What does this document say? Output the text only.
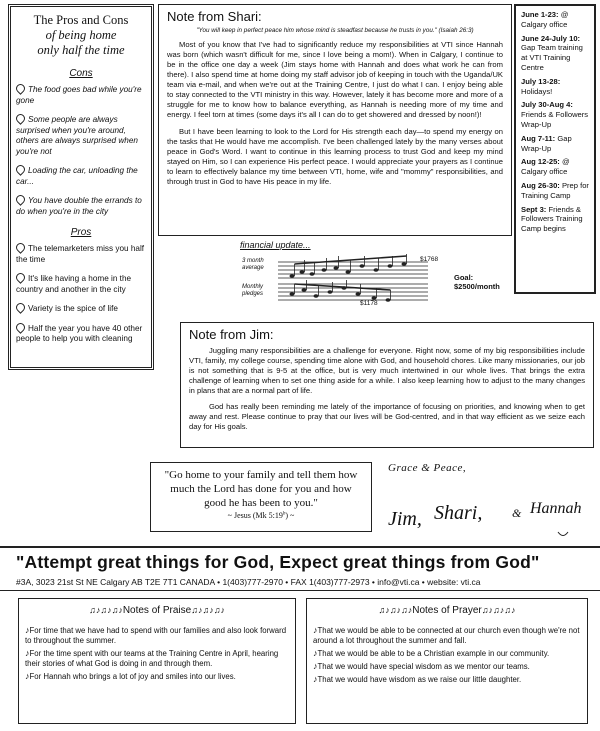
The Pros and Cons
of being home
only half the time
Cons
The food goes bad while you're gone
Some people are always surprised when you're around, others are always surprised when you're not
Loading the car, unloading the car...
You have double the errands to do when you're in the city
Pros
The telemarketers miss you half the time
It's like having a home in the country and another in the city
Variety is the spice of life
Half the year you have 40 other people to help you with cleaning
Note from Shari:
"You will keep in perfect peace him whose mind is steadfast because he trusts in you." (Isaiah 26:3)

Most of you know that I've had to significantly reduce my responsibilities at VTI since Hannah was born (which wasn't difficult for me, since I love being a mom!). When in Calgary, I continue to be in the office one day a week (Jim stays home with Hannah and does what work he can from there). I also spend time at home doing my staff advisor job of keeping in touch with the Uganda/UK team via e-mail, and when we're out at the Training Centre, I just do what I can. I enjoy being able to stay connected to the VTI ministry in this way. However, lately it has become more and more of a struggle for me to know how to balance everything, as Hannah is needing more of my time and energy. I feel torn at times (some days it's all I can do to get showered and dressed by noon!)!

But I have been learning to look to the Lord for His strength each day—to spend my energy on the tasks that He would have me accomplish. I've been challenged lately by the many verses about peace in God's Word. I want to continue in this learning process to trust God and keep my mind stayed on Him, so I can experience His perfect peace. I would appreciate your prayers as I continue to learn to effectively balance my time between VTI, home, wife and "mommy" responsibilities, and through trust in God to have His peace in my life.

June 1-23: @ Calgary office
June 24-July 10: Gap Team training at VTI Training Centre
July 13-28: Holidays!
July 30-Aug 4: Friends & Followers Wrap-Up
Aug 7-11: Gap Wrap-Up
Aug 12-25: @ Calgary office
Aug 26-30: Prep for Training Camp
Sept 3: Friends & Followers Training Camp begins
financial update...
3 month average
Monthly pledges
$1768
$1178
Goal:
$2500/month
Note from Jim:

Juggling many responsibilities are a challenge for everyone. Right now, some of my big responsibilities include VTI, family, my college course, spending time alone with God, and household chores. Like many missionaries, our job is not something that is 9-5 at the office, but is very much intertwined in our whole lives. That brings the extra challenge of learning when to set one thing aside for a while. I also keep learning how to adjust to the many changes in plans that are a normal part of life.

God has really been reminding me lately of the importance of focusing on priorities, and knowing when to get away and rest. Please continue to pray that our lives will be God-centred, and in that way efficient as we seize each day for His goals.

"Go home to your family and tell them how much the Lord has done for you and how good he has been to you."
~ Jesus (Mk 5:19$^b$) ~
Grace & Peace,
Jim, Shari, & Hannah
"Attempt great things for God, Expect great things from God"
#3A, 3023 21st St NE Calgary AB T2E 7T1 CANADA • 1(403)777-2970 • FAX 1(403)777-2973 • info@vti.ca • website: vti.ca
♫♪♫♪♫♪Notes of Praise♫♪♫♪♫♪
♪For time that we have had to spend with our families and also look forward to throughout the summer.
♪For the time spent with our teams at the Training Centre in April, hearing their stories of what God is doing in and through them.
♪For Hannah who brings a lot of joy and smiles into our lives.
♫♪♫♪♫♪Notes of Prayer♫♪♫♪♫♪
♪That we would be able to be connected at our church even though we're not around a lot throughout the summer and fall.
♪That we would be able to be a Christian example in our community.
♪That we would have special wisdom as we mentor our teams.
♪That we would have wisdom as we raise our little daughter.
